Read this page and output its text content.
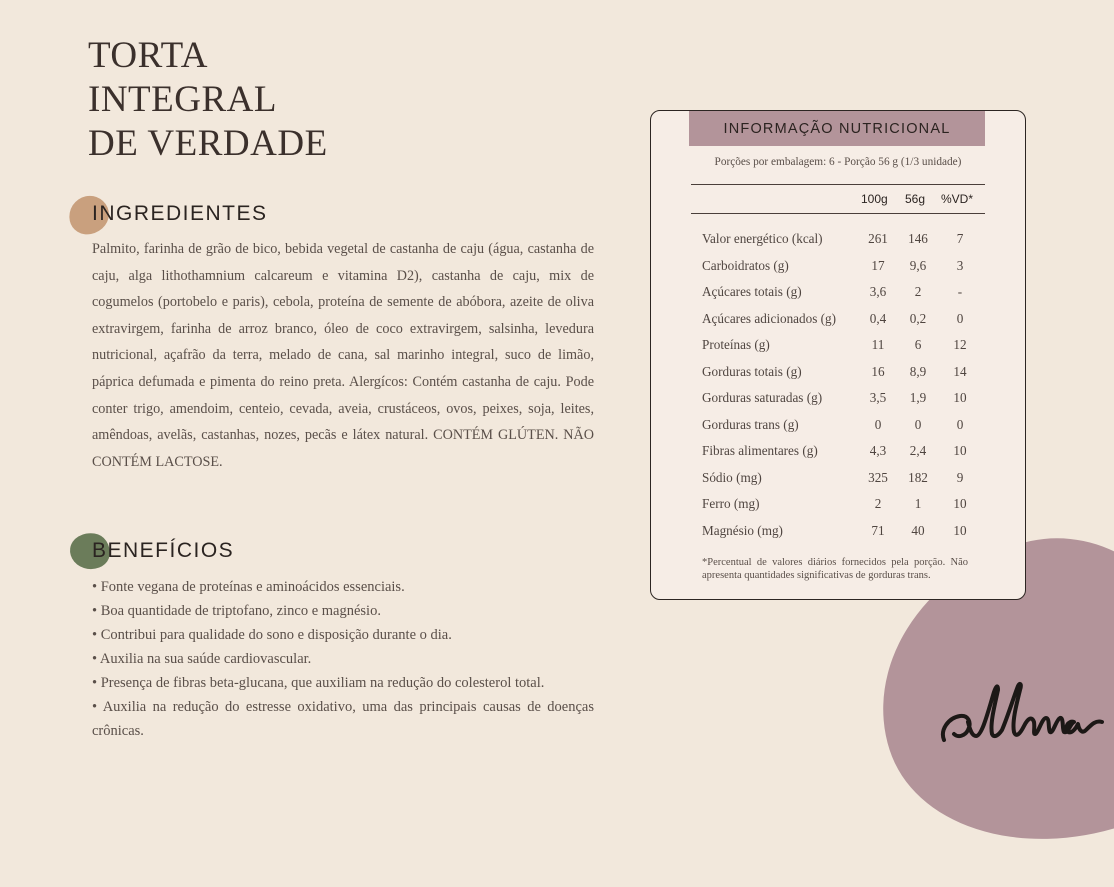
TORTA
INTEGRAL
DE VERDADE
INGREDIENTES
Palmito, farinha de grão de bico, bebida vegetal de castanha de caju (água, castanha de caju, alga lithothamnium calcareum e vitamina D2), castanha de caju, mix de cogumelos (portobelo e paris), cebola, proteína de semente de abóbora, azeite de oliva extravirgem, farinha de arroz branco, óleo de coco extravirgem, salsinha, levedura nutricional, açafrão da terra, melado de cana, sal marinho integral, suco de limão, páprica defumada e pimenta do reino preta. Alergícos: Contém castanha de caju. Pode conter trigo, amendoim, centeio, cevada, aveia, crustáceos, ovos, peixes, soja, leites, amêndoas, avelãs, castanhas, nozes, pecãs e látex natural. CONTÉM GLÚTEN. NÃO CONTÉM LACTOSE.
BENEFÍCIOS
• Fonte vegana de proteínas e aminoácidos essenciais.
• Boa quantidade de triptofano, zinco e magnésio.
• Contribui para qualidade do sono e disposição durante o dia.
• Auxilia na sua saúde cardiovascular.
• Presença de fibras beta-glucana, que auxiliam na redução do colesterol total.
• Auxilia na redução do estresse oxidativo, uma das principais causas de doenças crônicas.
INFORMAÇÃO NUTRICIONAL
Porções por embalagem: 6 - Porção 56 g (1/3 unidade)
100g 56g %VD*
Valor energético (kcal)	261	146	7
Carboidratos (g)	17	9,6	3
Açúcares totais (g)	3,6	2	-
Açúcares adicionados (g)	0,4	0,2	0
Proteínas (g)	11	6	12
Gorduras totais (g)	16	8,9	14
Gorduras saturadas (g)	3,5	1,9	10
Gorduras trans (g)	0	0	0
Fibras alimentares (g)	4,3	2,4	10
Sódio (mg)	325	182	9
Ferro (mg)	2	1	10
Magnésio (mg)	71	40	10
*Percentual de valores diários fornecidos pela porção. Não apresenta quantidades significativas de gorduras trans.
